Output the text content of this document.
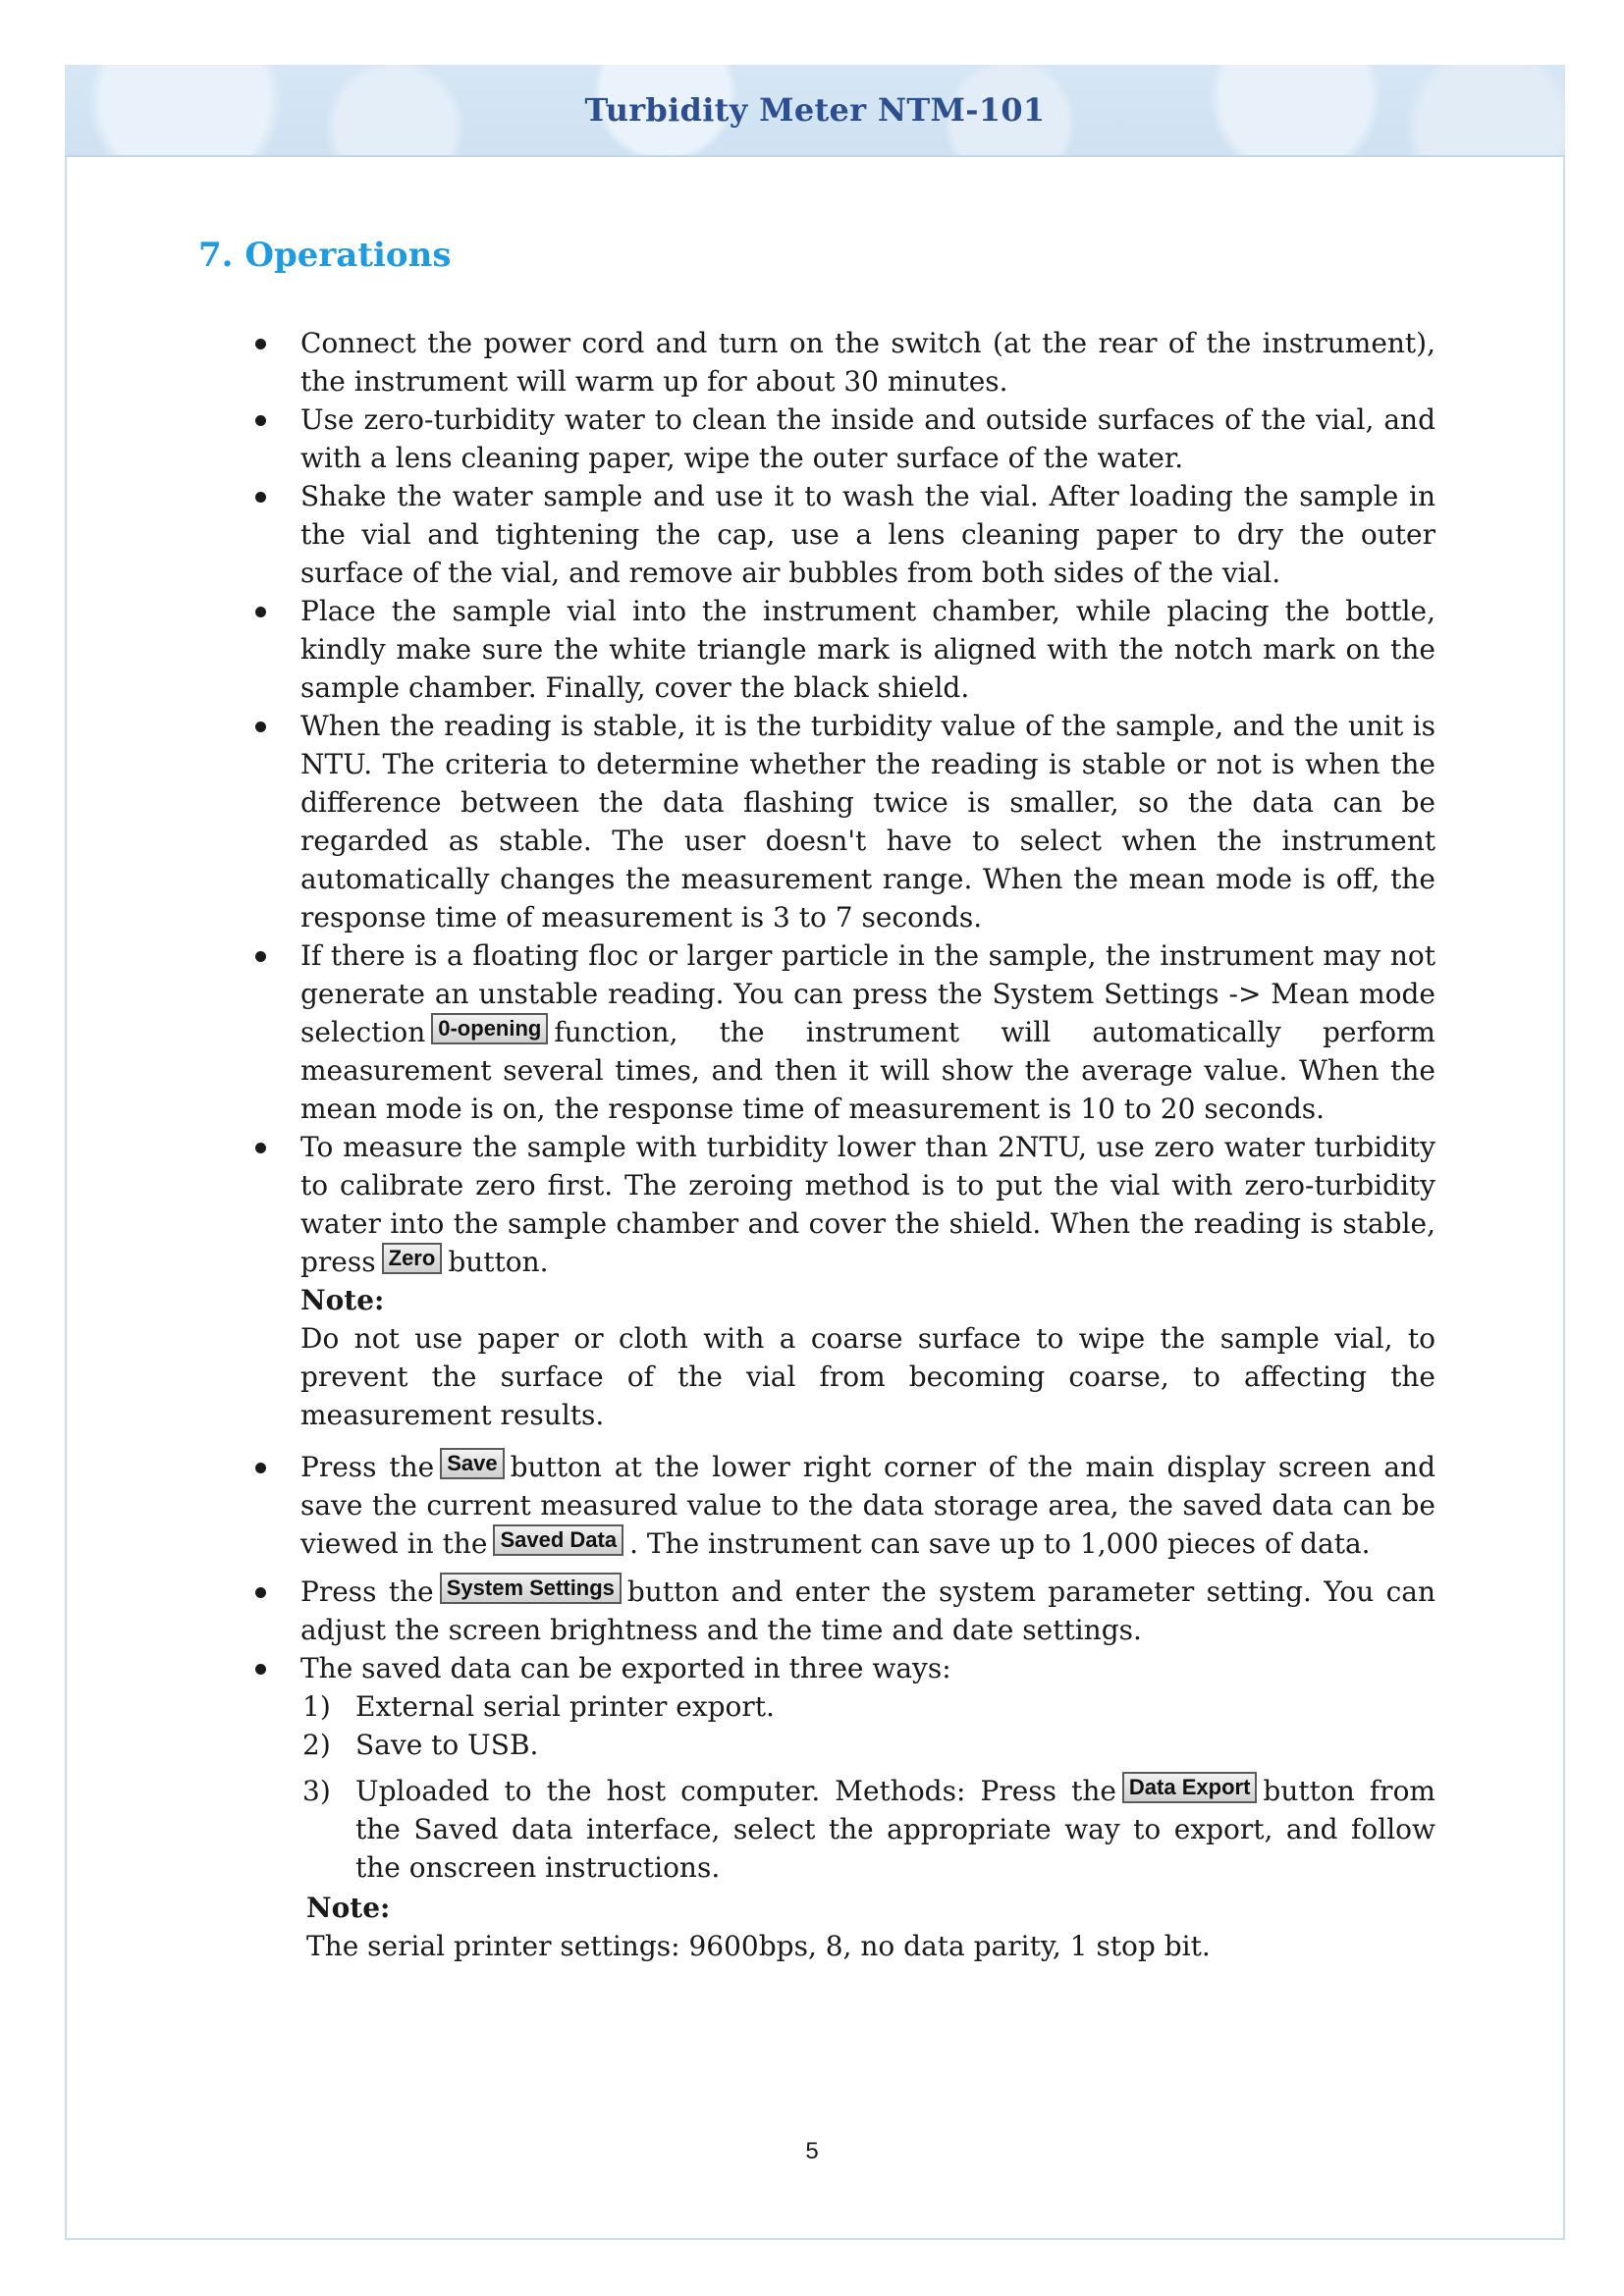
Turbidity Meter NTM-101
7. Operations
Connect the power cord and turn on the switch (at the rear of the instrument), the instrument will warm up for about 30 minutes.
Use zero-turbidity water to clean the inside and outside surfaces of the vial, and with a lens cleaning paper, wipe the outer surface of the water.
Shake the water sample and use it to wash the vial. After loading the sample in the vial and tightening the cap, use a lens cleaning paper to dry the outer surface of the vial, and remove air bubbles from both sides of the vial.
Place the sample vial into the instrument chamber, while placing the bottle, kindly make sure the white triangle mark is aligned with the notch mark on the sample chamber. Finally, cover the black shield.
When the reading is stable, it is the turbidity value of the sample, and the unit is NTU. The criteria to determine whether the reading is stable or not is when the difference between the data flashing twice is smaller, so the data can be regarded as stable. The user doesn't have to select when the instrument automatically changes the measurement range. When the mean mode is off, the response time of measurement is 3 to 7 seconds.
If there is a floating floc or larger particle in the sample, the instrument may not generate an unstable reading. You can press the System Settings -> Mean mode selection 0-opening function, the instrument will automatically perform measurement several times, and then it will show the average value. When the mean mode is on, the response time of measurement is 10 to 20 seconds.
To measure the sample with turbidity lower than 2NTU, use zero water turbidity to calibrate zero first. The zeroing method is to put the vial with zero-turbidity water into the sample chamber and cover the shield. When the reading is stable, press Zero button.
Note:
Do not use paper or cloth with a coarse surface to wipe the sample vial, to prevent the surface of the vial from becoming coarse, to affecting the measurement results.
Press the Save button at the lower right corner of the main display screen and save the current measured value to the data storage area, the saved data can be viewed in the Saved Data . The instrument can save up to 1,000 pieces of data.
Press the System Settings button and enter the system parameter setting. You can adjust the screen brightness and the time and date settings.
The saved data can be exported in three ways:
1) External serial printer export.
2) Save to USB.
3) Uploaded to the host computer. Methods: Press the Data Export button from the Saved data interface, select the appropriate way to export, and follow the onscreen instructions.
Note:
The serial printer settings: 9600bps, 8, no data parity, 1 stop bit.
5
